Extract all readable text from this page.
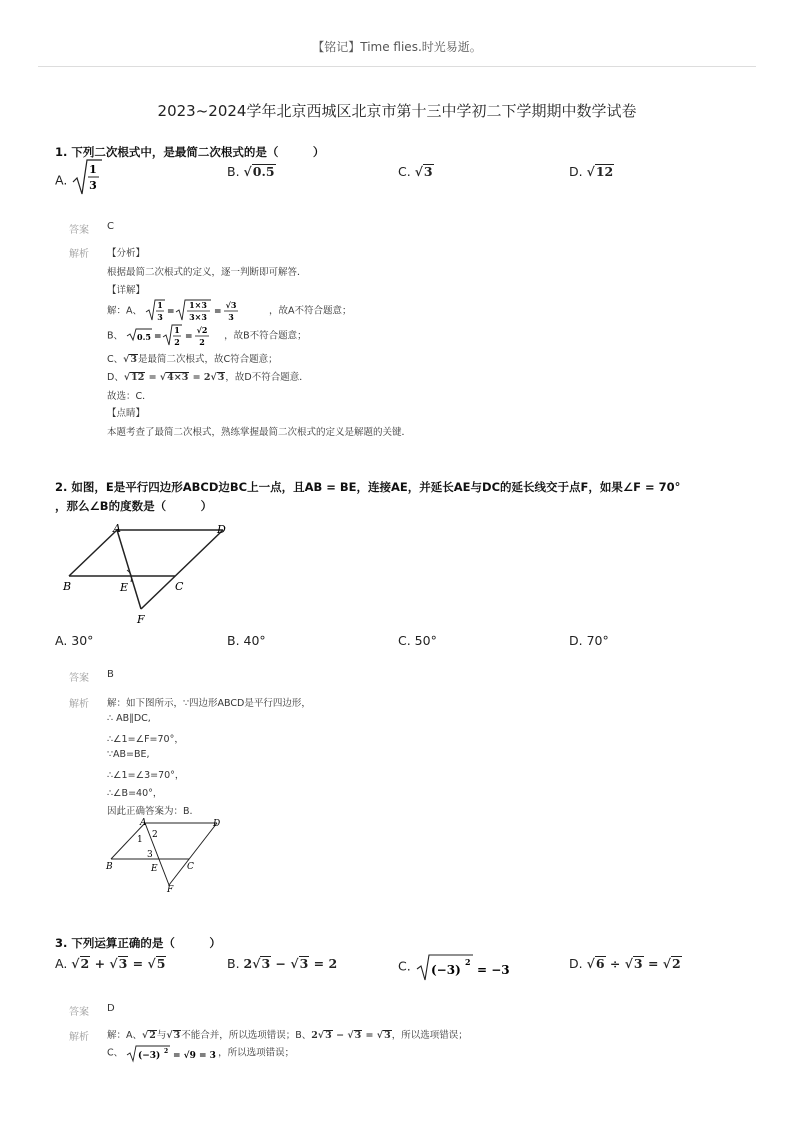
【铭记】Time flies.时光易逝。
2023~2024学年北京西城区北京市第十三中学初二下学期期中数学试卷
1. 下列二次根式中，是最简二次根式的是（　　　）
A.
1
3
B. √0.5	C. √3	D. √12
答案 C
解析 【分析】
根据最简二次根式的定义，逐一判断即可解答．
【详解】
解：A、
1
3 =
1×3
3×3 =
√3
3
，故A不符合题意；
B、 0.5 =
1
2 =
√2
2
，故B不符合题意；
C、√3是最简二次根式，故C符合题意；
D、√12 = √4×3 = 2√3，故D不符合题意．
故选：C．
【点睛】
本题考查了最简二次根式，熟练掌握最简二次根式的定义是解题的关键．
2. 如图，E是平行四边形ABCD边BC上一点，且AB = BE，连接AE，并延长AE与DC的延长线交于点F，如果∠F = 70°
，那么∠B的度数是（　　　）
A	D
B	E	C
F
A. 30°	B. 40°	C. 50°	D. 70°
答案 B
解析 解：如下图所示，∵四边形ABCD是平行四边形，
∴ AB∥DC,
∴∠1=∠F=70°，
∵AB=BE,
∴∠1=∠3=70°，
∴∠B=40°，
因此正确答案为：B.
A	D
B	E	C
F
1 2
3
3. 下列运算正确的是（　　　）
A. √2 + √3 = √5	B. 2√3 − √3 = 2	C. (−3)
2
= −3	D. √6 ÷ √3 = √2
答案 D
解析 解：A、√2与√3不能合并，所以选项错误；B、2√3 − √3 = √3，所以选项错误；
C、 (−3) 2 = √9 = 3 ，所以选项错误；
